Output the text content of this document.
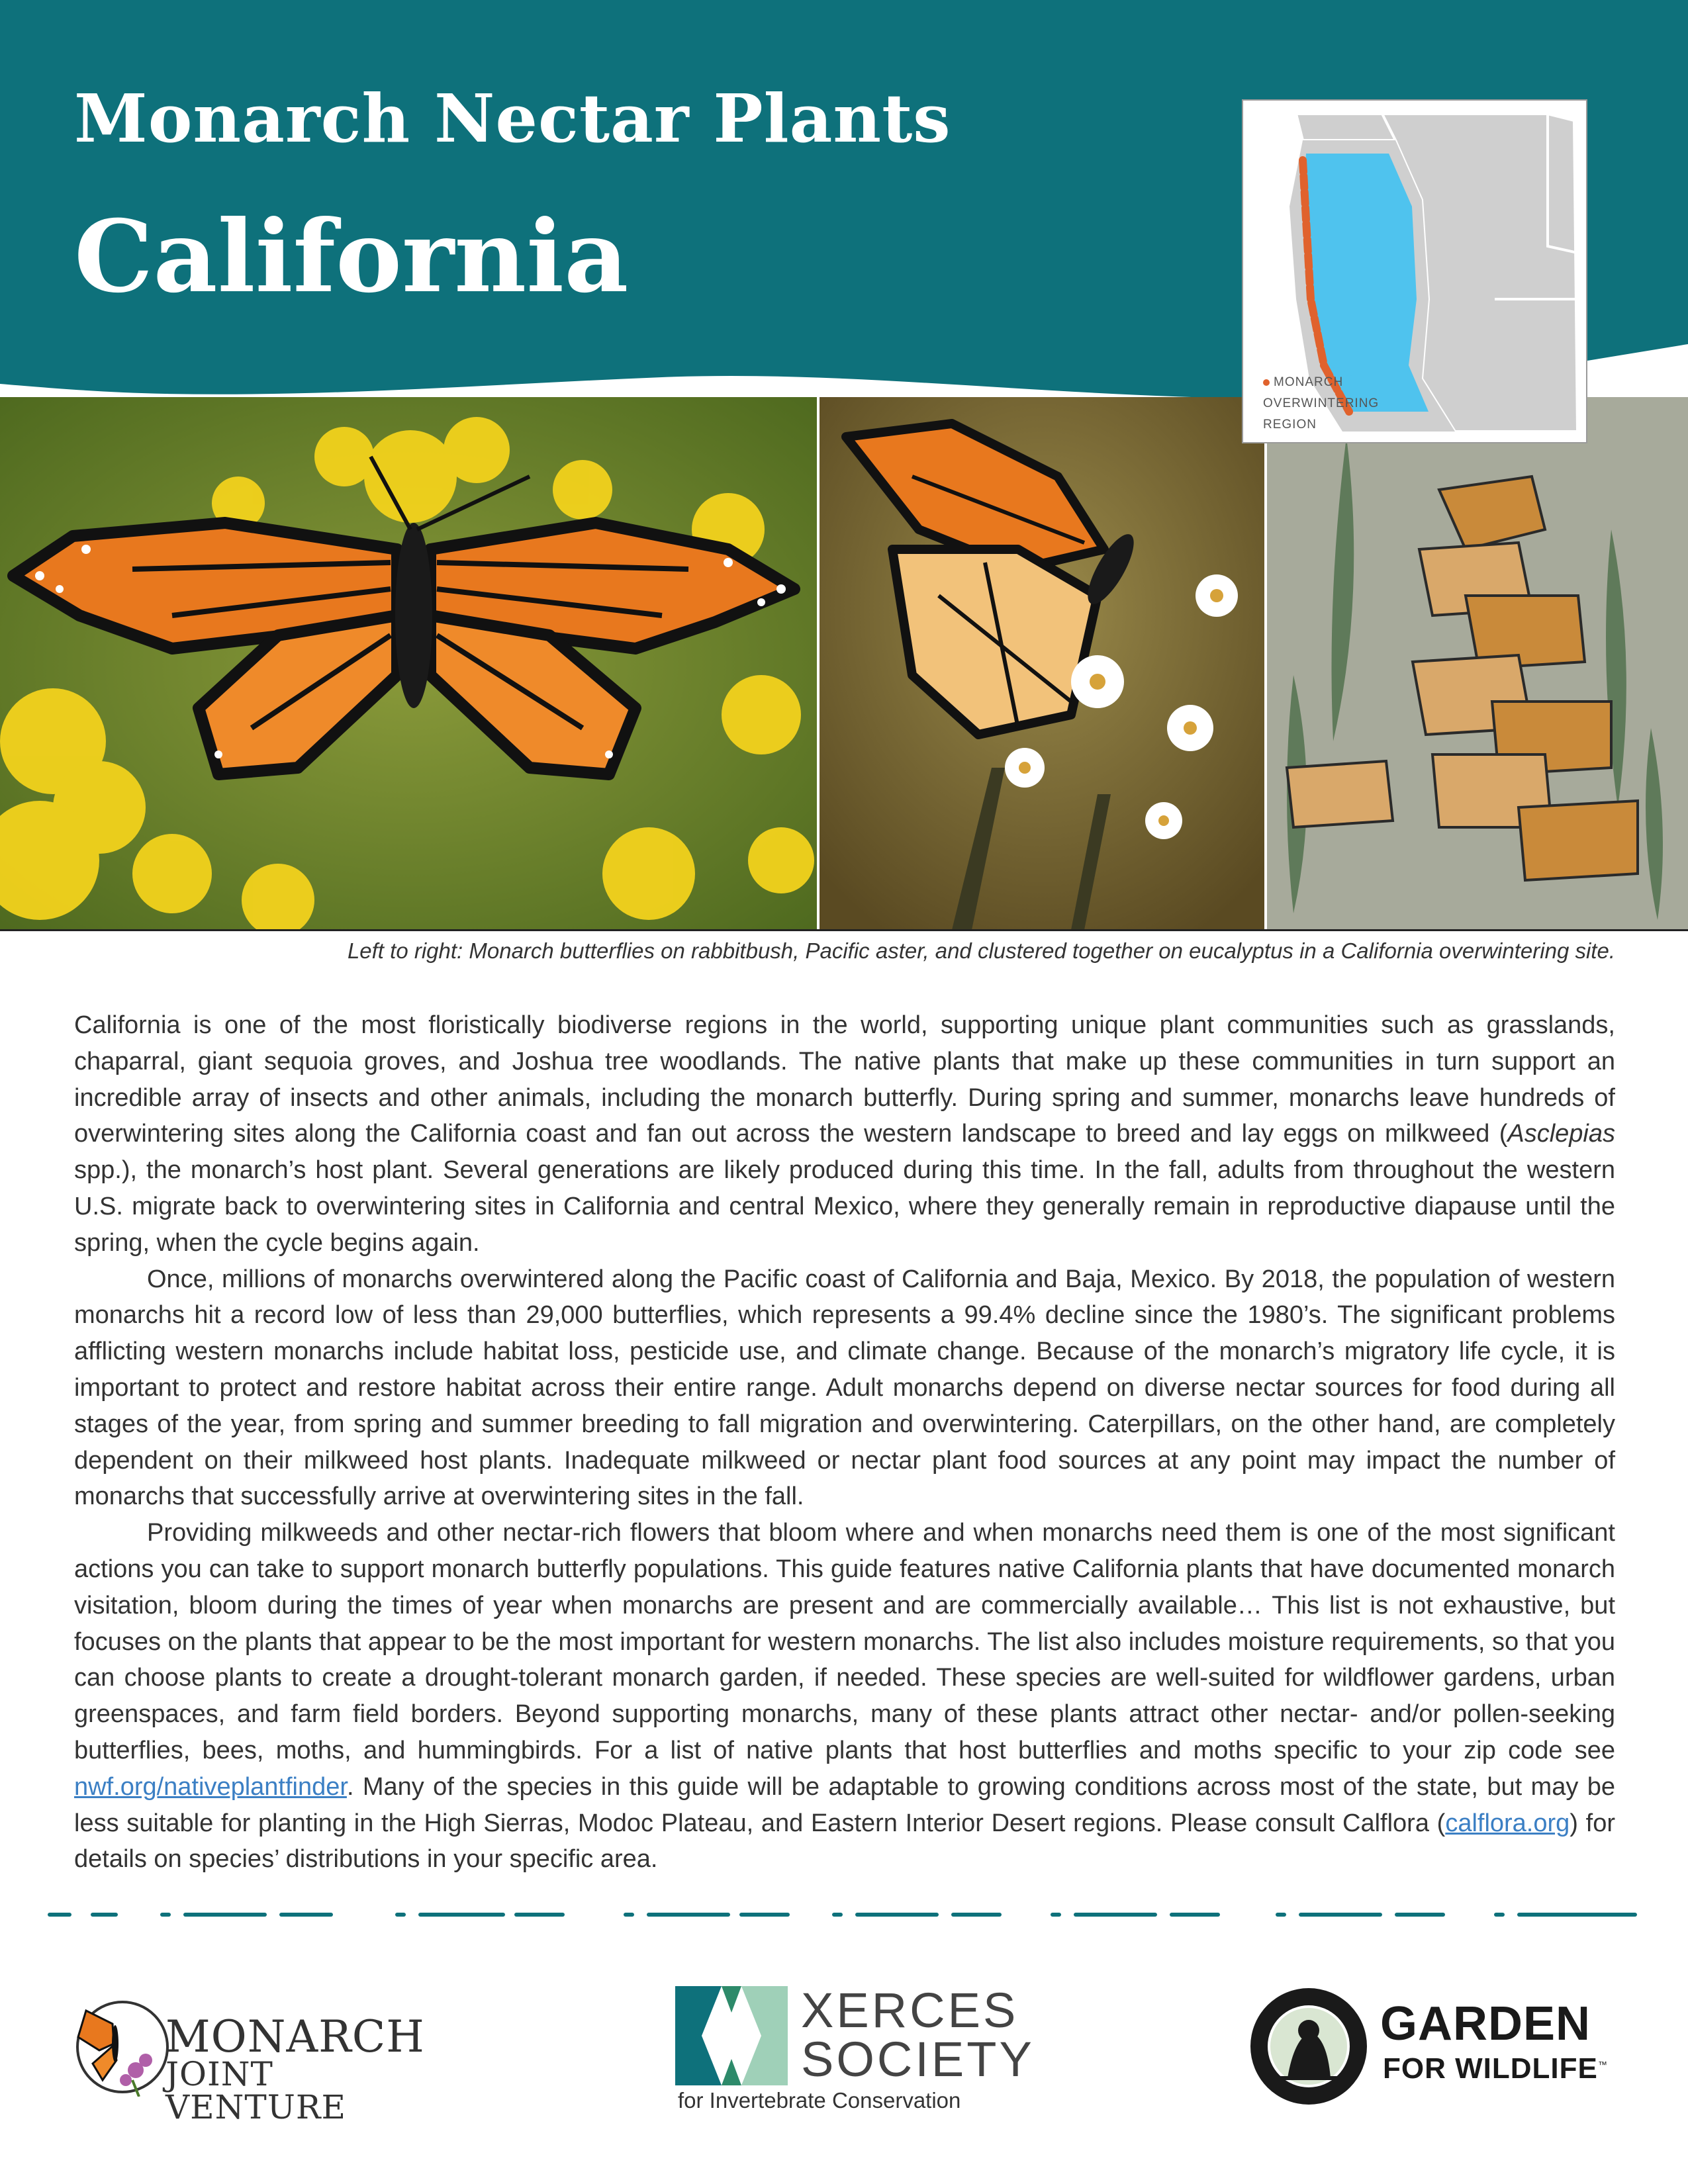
Monarch Nectar Plants
California
MONARCH
OVERWINTERING
REGION
Left to right: Monarch butterflies on rabbitbush, Pacific aster, and clustered together on eucalyptus in a California overwintering site.

California is one of the most floristically biodiverse regions in the world, supporting unique plant communities such as grasslands, chaparral, giant sequoia groves, and Joshua tree woodlands. The native plants that make up these communities in turn support an incredible array of insects and other animals, including the monarch butterfly. During spring and summer, monarchs leave hundreds of overwintering sites along the California coast and fan out across the western landscape to breed and lay eggs on milkweed (Asclepias spp.), the monarch’s host plant. Several generations are likely produced during this time. In the fall, adults from throughout the western U.S. migrate back to overwintering sites in California and central Mexico, where they generally remain in reproductive diapause until the spring, when the cycle begins again.

Once, millions of monarchs overwintered along the Pacific coast of California and Baja, Mexico. By 2018, the population of western monarchs hit a record low of less than 29,000 butterflies, which represents a 99.4% decline since the 1980’s. The significant problems afflicting western monarchs include habitat loss, pesticide use, and climate change. Because of the monarch’s migratory life cycle, it is important to protect and restore habitat across their entire range. Adult monarchs depend on diverse nectar sources for food during all stages of the year, from spring and summer breeding to fall migration and overwintering. Caterpillars, on the other hand, are completely dependent on their milkweed host plants. Inadequate milkweed or nectar plant food sources at any point may impact the number of monarchs that successfully arrive at overwintering sites in the fall.

Providing milkweeds and other nectar-rich flowers that bloom where and when monarchs need them is one of the most significant actions you can take to support monarch butterfly populations. This guide features native California plants that have documented monarch visitation, bloom during the times of year when monarchs are present and are commercially available… This list is not exhaustive, but focuses on the plants that appear to be the most important for western monarchs. The list also includes moisture requirements, so that you can choose plants to create a drought-tolerant monarch garden, if needed. These species are well-suited for wildflower gardens, urban greenspaces, and farm field borders. Beyond supporting monarchs, many of these plants attract other nectar- and/or pollen-seeking butterflies, bees, moths, and hummingbirds. For a list of native plants that host butterflies and moths specific to your zip code see nwf.org/nativeplantfinder. Many of the species in this guide will be adaptable to growing conditions across most of the state, but may be less suitable for planting in the High Sierras, Modoc Plateau, and Eastern Interior Desert regions. Please consult Calflora (calflora.org) for details on species’ distributions in your specific area.

MONARCH
JOINT VENTURE
XERCES
SOCIETY
for Invertebrate Conservation
GARDEN
FOR WILDLIFE™
